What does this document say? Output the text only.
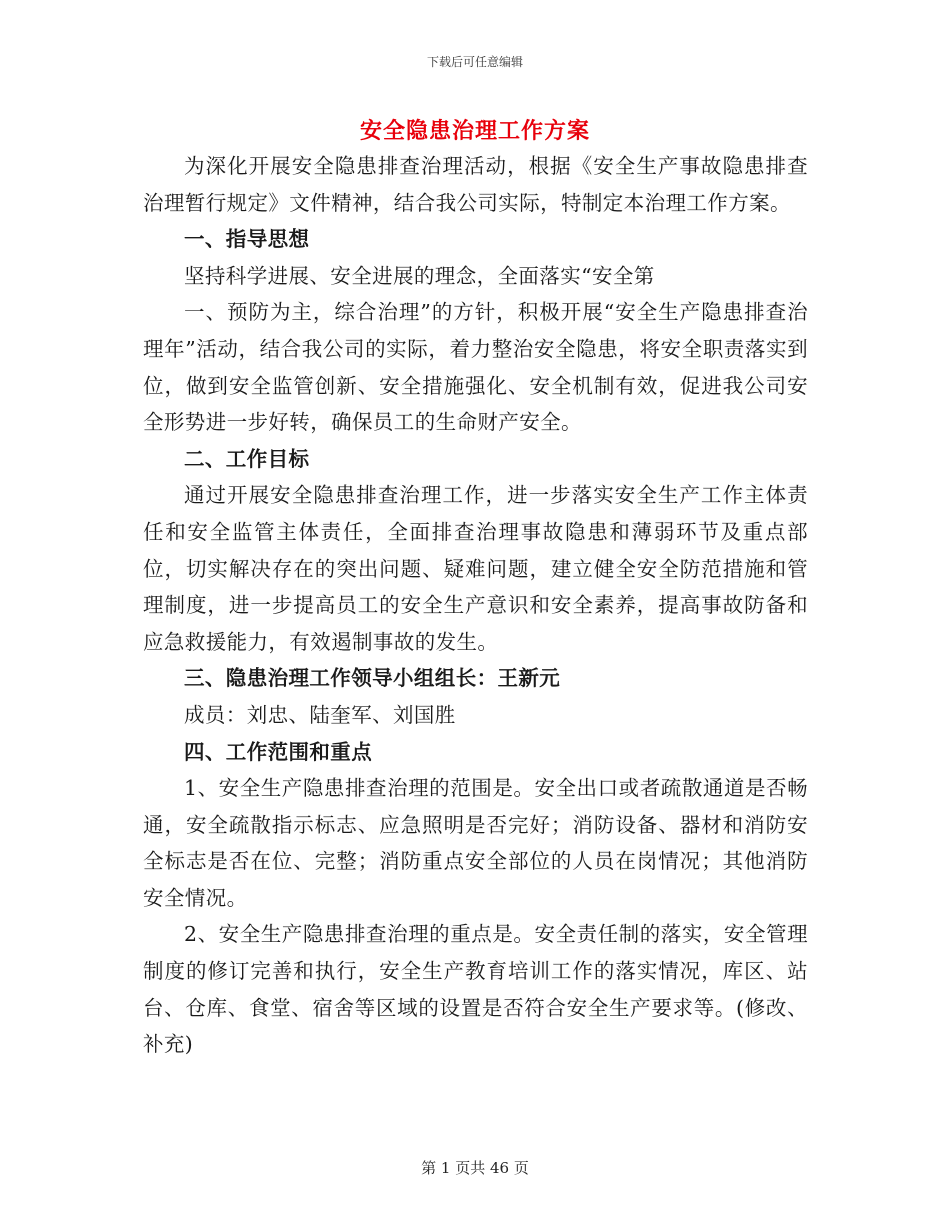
下载后可任意编辑
安全隐患治理工作方案

为深化开展安全隐患排查治理活动，根据《安全生产事故隐患排查治理暂行规定》文件精神，结合我公司实际，特制定本治理工作方案。

一、指导思想

坚持科学进展、安全进展的理念，全面落实“安全第

一、预防为主，综合治理”的方针，积极开展“安全生产隐患排查治理年”活动，结合我公司的实际，着力整治安全隐患，将安全职责落实到位，做到安全监管创新、安全措施强化、安全机制有效，促进我公司安全形势进一步好转，确保员工的生命财产安全。

二、工作目标

通过开展安全隐患排查治理工作，进一步落实安全生产工作主体责任和安全监管主体责任，全面排查治理事故隐患和薄弱环节及重点部位，切实解决存在的突出问题、疑难问题，建立健全安全防范措施和管理制度，进一步提高员工的安全生产意识和安全素养，提高事故防备和应急救援能力，有效遏制事故的发生。

三、隐患治理工作领导小组组长：王新元

成员：刘忠、陆奎军、刘国胜

四、工作范围和重点

1、安全生产隐患排查治理的范围是。安全出口或者疏散通道是否畅通，安全疏散指示标志、应急照明是否完好；消防设备、器材和消防安全标志是否在位、完整；消防重点安全部位的人员在岗情况；其他消防安全情况。

2、安全生产隐患排查治理的重点是。安全责任制的落实，安全管理制度的修订完善和执行，安全生产教育培训工作的落实情况，库区、站台、仓库、食堂、宿舍等区域的设置是否符合安全生产要求等。(修改、补充)

第 1 页共 46 页
